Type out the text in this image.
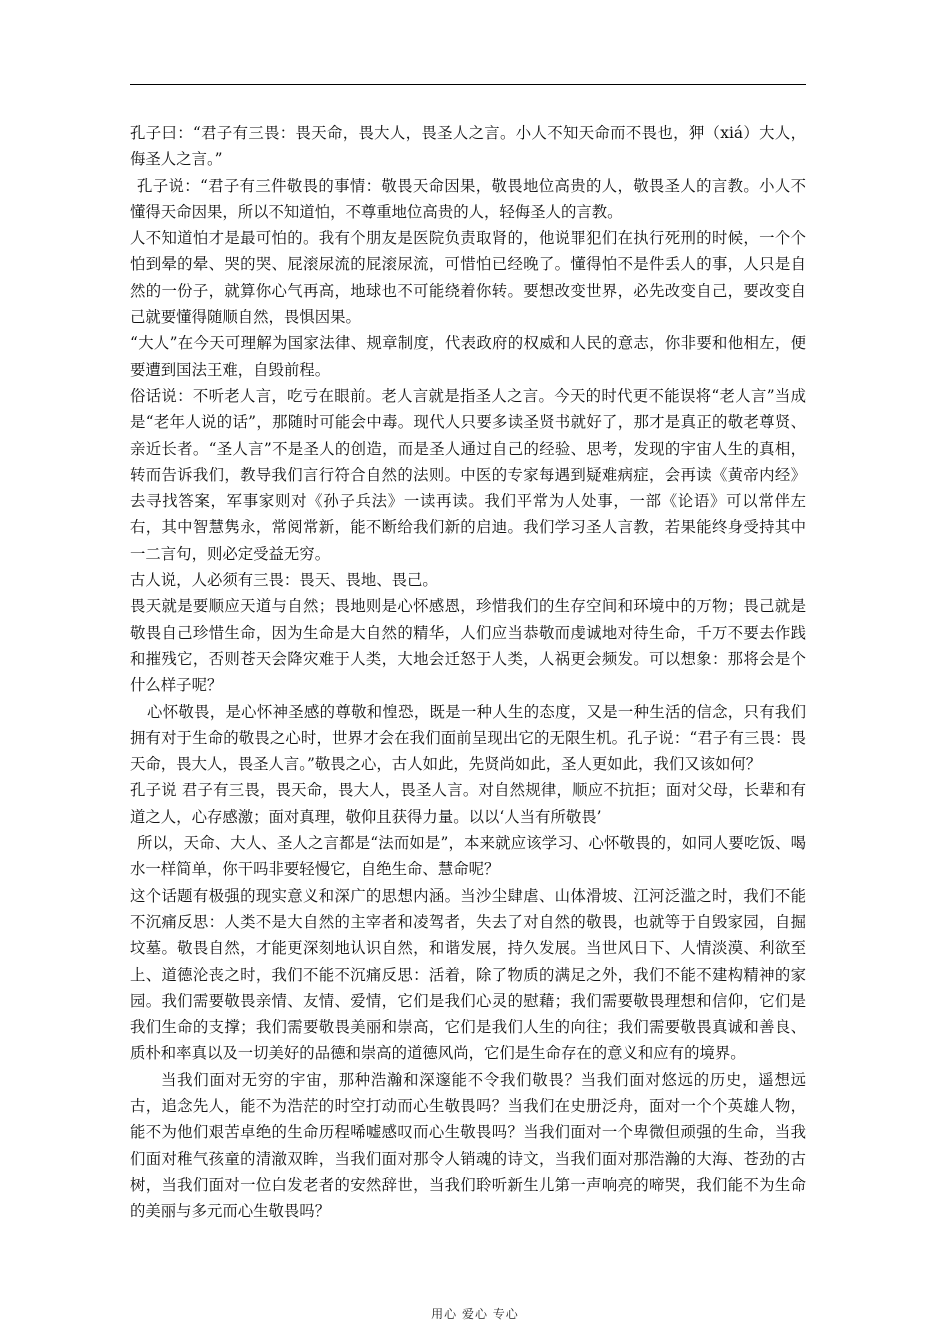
孔子曰：“君子有三畏：畏天命，畏大人，畏圣人之言。小人不知天命而不畏也，狎（xiá）大人，侮圣人之言。”

孔子说：“君子有三件敬畏的事情：敬畏天命因果，敬畏地位高贵的人，敬畏圣人的言教。小人不懂得天命因果，所以不知道怕，不尊重地位高贵的人，轻侮圣人的言教。

人不知道怕才是最可怕的。我有个朋友是医院负责取肾的，他说罪犯们在执行死刑的时候，一个个怕到晕的晕、哭的哭、屁滚尿流的屁滚尿流，可惜怕已经晚了。懂得怕不是件丢人的事，人只是自然的一份子，就算你心气再高，地球也不可能绕着你转。要想改变世界，必先改变自己，要改变自己就要懂得随顺自然，畏惧因果。

“大人”在今天可理解为国家法律、规章制度，代表政府的权威和人民的意志，你非要和他相左，便要遭到国法王难，自毁前程。

俗话说：不听老人言，吃亏在眼前。老人言就是指圣人之言。今天的时代更不能误将“老人言”当成是“老年人说的话”，那随时可能会中毒。现代人只要多读圣贤书就好了，那才是真正的敬老尊贤、亲近长者。“圣人言”不是圣人的创造，而是圣人通过自己的经验、思考，发现的宇宙人生的真相，转而告诉我们，教导我们言行符合自然的法则。中医的专家每遇到疑难病症，会再读《黄帝内经》去寻找答案，军事家则对《孙子兵法》一读再读。我们平常为人处事，一部《论语》可以常伴左右，其中智慧隽永，常阅常新，能不断给我们新的启迪。我们学习圣人言教，若果能终身受持其中一二言句，则必定受益无穷。

古人说，人必须有三畏：畏天、畏地、畏己。

畏天就是要顺应天道与自然；畏地则是心怀感恩，珍惜我们的生存空间和环境中的万物；畏己就是敬畏自己珍惜生命，因为生命是大自然的精华，人们应当恭敬而虔诚地对待生命，千万不要去作践和摧残它，否则苍天会降灾难于人类，大地会迁怒于人类，人祸更会频发。可以想象：那将会是个什么样子呢？

心怀敬畏，是心怀神圣感的尊敬和惶恐，既是一种人生的态度，又是一种生活的信念，只有我们拥有对于生命的敬畏之心时，世界才会在我们面前呈现出它的无限生机。孔子说：“君子有三畏：畏天命，畏大人，畏圣人言。”敬畏之心，古人如此，先贤尚如此，圣人更如此，我们又该如何？

孔子说 君子有三畏，畏天命，畏大人，畏圣人言。对自然规律，顺应不抗拒；面对父母，长辈和有道之人，心存感激；面对真理，敬仰且获得力量。以以‘人当有所敬畏’

所以，天命、大人、圣人之言都是“法而如是”，本来就应该学习、心怀敬畏的，如同人要吃饭、喝水一样简单，你干吗非要轻慢它，自绝生命、慧命呢？

这个话题有极强的现实意义和深广的思想内涵。当沙尘肆虐、山体滑坡、江河泛滥之时，我们不能不沉痛反思：人类不是大自然的主宰者和凌驾者，失去了对自然的敬畏，也就等于自毁家园，自掘坟墓。敬畏自然，才能更深刻地认识自然，和谐发展，持久发展。当世风日下、人情淡漠、利欲至上、道德沦丧之时，我们不能不沉痛反思：活着，除了物质的满足之外，我们不能不建构精神的家园。我们需要敬畏亲情、友情、爱情，它们是我们心灵的慰藉；我们需要敬畏理想和信仰，它们是我们生命的支撑；我们需要敬畏美丽和崇高，它们是我们人生的向往；我们需要敬畏真诚和善良、质朴和率真以及一切美好的品德和崇高的道德风尚，它们是生命存在的意义和应有的境界。

当我们面对无穷的宇宙，那种浩瀚和深邃能不令我们敬畏？当我们面对悠远的历史，遥想远古，追念先人，能不为浩茫的时空打动而心生敬畏吗？当我们在史册泛舟，面对一个个英雄人物，能不为他们艰苦卓绝的生命历程唏嘘感叹而心生敬畏吗？当我们面对一个卑微但顽强的生命，当我们面对稚气孩童的清澈双眸，当我们面对那令人销魂的诗文，当我们面对那浩瀚的大海、苍劲的古树，当我们面对一位白发老者的安然辞世，当我们聆听新生儿第一声响亮的啼哭，我们能不为生命的美丽与多元而心生敬畏吗？

用心 爱心 专心
